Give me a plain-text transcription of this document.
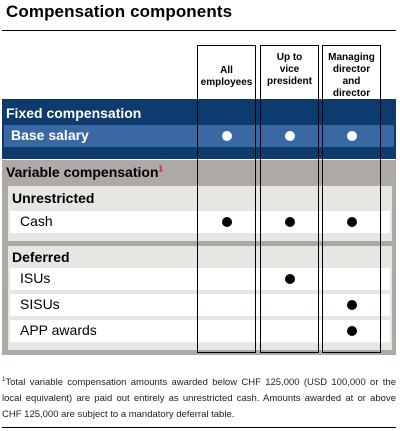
Compensation components
Fixed compensation
Base salary
Variable compensation$^1$
Unrestricted
Cash
Deferred
ISUs
SISUs
APP awards
All
employees
Up to
vice
president
Managing
director and
director
$^1$Total variable compensation amounts awarded below CHF 125,000 (USD 100,000 or the local equivalent) are paid out entirely as unrestricted cash. Amounts awarded at or above CHF 125,000 are subject to a mandatory deferral table.
